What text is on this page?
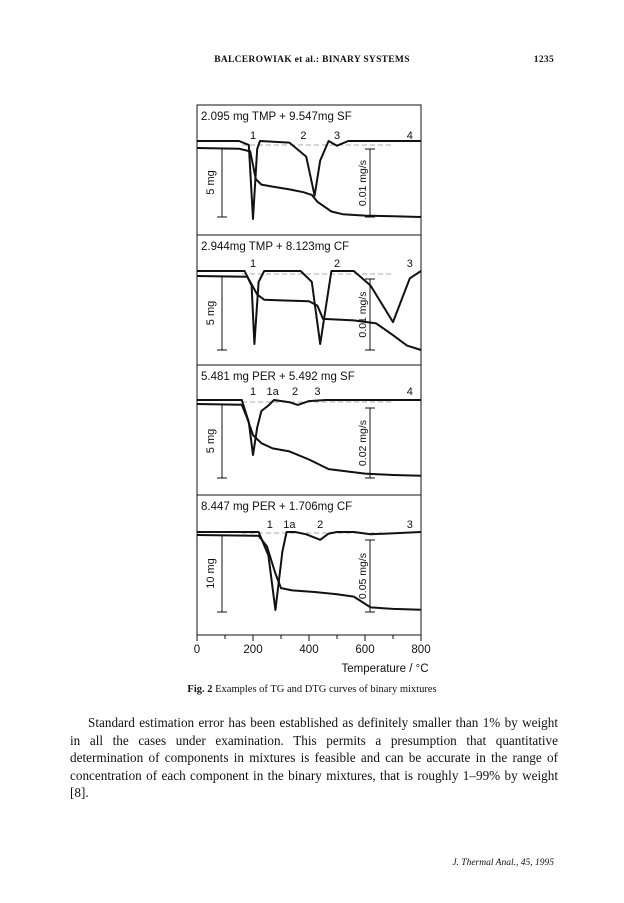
BALCEROWIAK et al.: BINARY SYSTEMS	1235
2.095 mg TMP + 9.547mg SF
1	2 3	4
5 mg	0.01 mg/s
2.944mg TMP + 8.123mg CF
1	2	3
5 mg	0.01 mg/s
5.481 mg PER + 5.492 mg SF
1 1a 2 3	4
5 mg	0.02 mg/s
8.447 mg PER + 1.706mg CF
1 1a 2	3
10 mg	0.05 mg/s
0	200	400	600	800
Temperature / °C
Fig. 2 Examples of TG and DTG curves of binary mixtures

Standard estimation error has been established as definitely smaller than 1% by weight in all the cases under examination. This permits a presumption that quantitative determination of components in mixtures is feasible and can be accurate in the range of concentration of each component in the binary mixtures, that is roughly 1–99% by weight [8].

J. Thermal Anal., 45, 1995
